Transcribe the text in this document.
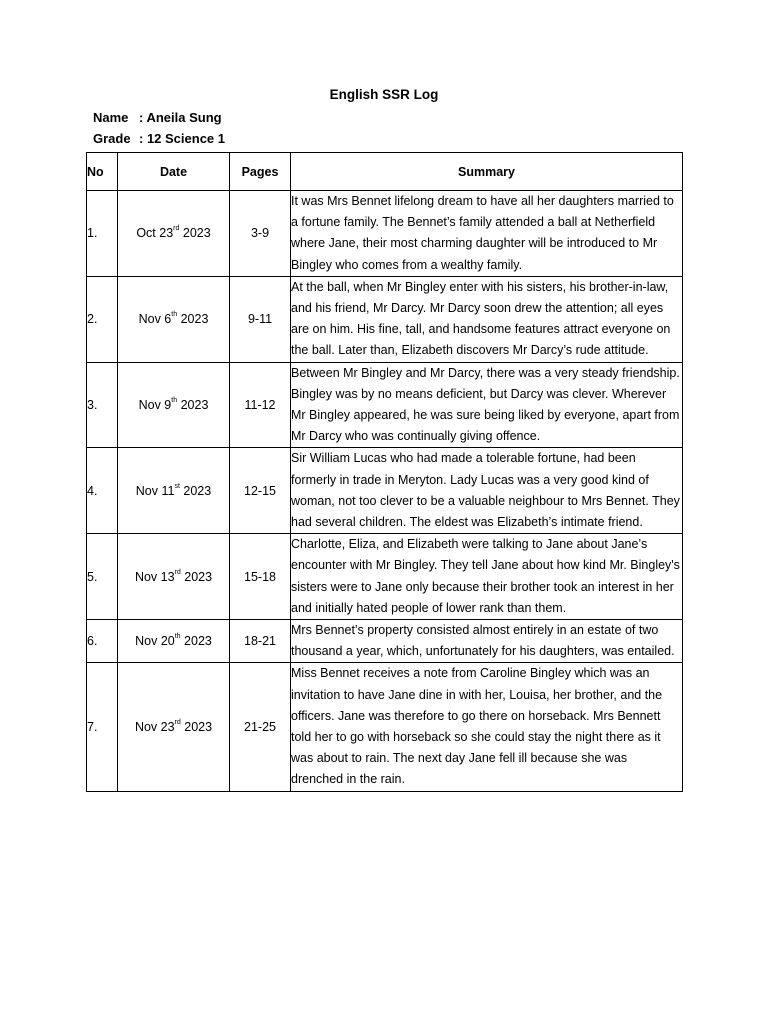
English SSR Log
Name : Aneila Sung
Grade : 12 Science 1
No	Date	Pages	Summary
1.	Oct 23rd 2023	3-9	It was Mrs Bennet lifelong dream to have all her daughters married to a fortune family. The Bennet’s family attended a ball at Netherfield where Jane, their most charming daughter will be introduced to Mr Bingley who comes from a wealthy family.
2.	Nov 6th 2023	9-11	At the ball, when Mr Bingley enter with his sisters, his brother-in-law, and his friend, Mr Darcy. Mr Darcy soon drew the attention; all eyes are on him. His fine, tall, and handsome features attract everyone on the ball. Later than, Elizabeth discovers Mr Darcy’s rude attitude.
3.	Nov 9th 2023	11-12	Between Mr Bingley and Mr Darcy, there was a very steady friendship. Bingley was by no means deficient, but Darcy was clever. Wherever Mr Bingley appeared, he was sure being liked by everyone, apart from Mr Darcy who was continually giving offence.
4.	Nov 11st 2023	12-15	Sir William Lucas who had made a tolerable fortune, had been formerly in trade in Meryton. Lady Lucas was a very good kind of woman, not too clever to be a valuable neighbour to Mrs Bennet. They had several children. The eldest was Elizabeth’s intimate friend.
5.	Nov 13rd 2023	15-18	Charlotte, Eliza, and Elizabeth were talking to Jane about Jane’s encounter with Mr Bingley. They tell Jane about how kind Mr. Bingley's sisters were to Jane only because their brother took an interest in her and initially hated people of lower rank than them.
6.	Nov 20th 2023	18-21	Mrs Bennet’s property consisted almost entirely in an estate of two thousand a year, which, unfortunately for his daughters, was entailed.
7.	Nov 23rd 2023	21-25	Miss Bennet receives a note from Caroline Bingley which was an invitation to have Jane dine in with her, Louisa, her brother, and the officers. Jane was therefore to go there on horseback. Mrs Bennett told her to go with horseback so she could stay the night there as it was about to rain. The next day Jane fell ill because she was drenched in the rain.
